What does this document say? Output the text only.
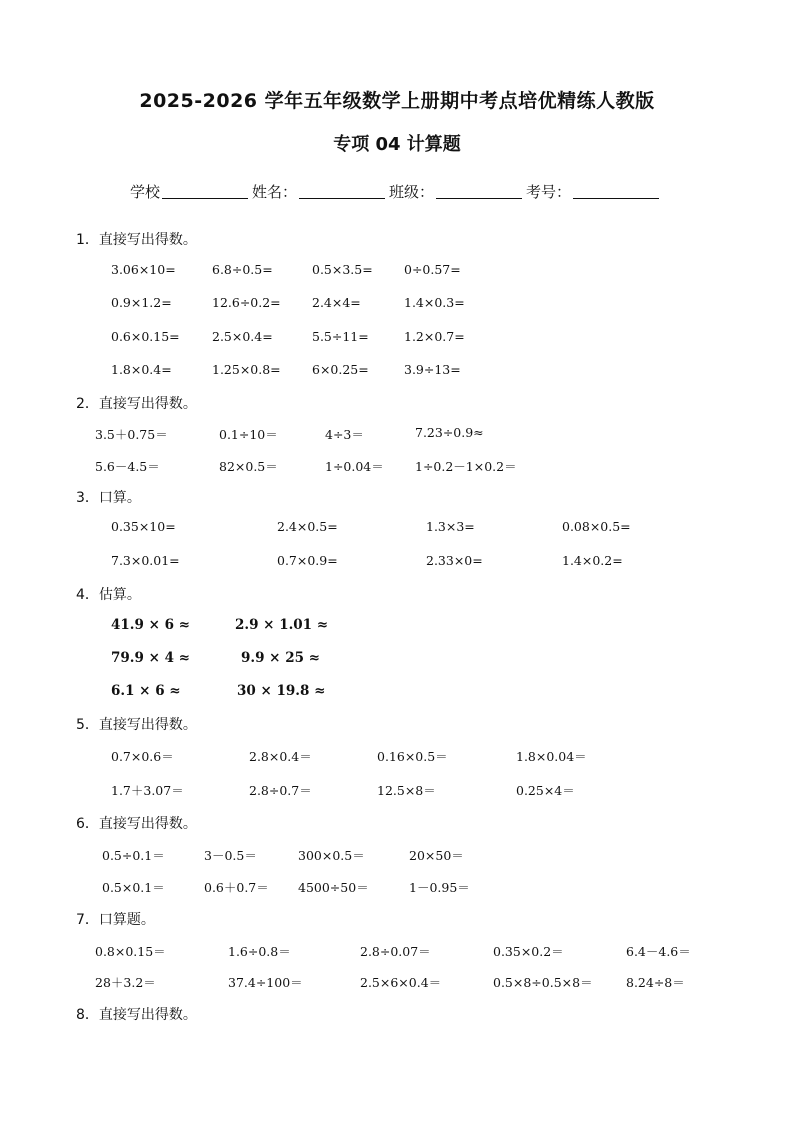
2025-2026 学年五年级数学上册期中考点培优精练人教版
专项 04 计算题
学校	姓名：	班级：	考号：
1．直接写出得数。
2．直接写出得数。
3．口算。
4．估算。
5．直接写出得数。
6．直接写出得数。
7．口算题。
8．直接写出得数。
3.06×10=	6.8÷0.5=	0.5×3.5=	0÷0.57=
0.9×1.2=	12.6÷0.2=	2.4×4=	1.4×0.3=
0.6×0.15=	2.5×0.4=	5.5÷11=	1.2×0.7=
1.8×0.4=	1.25×0.8=	6×0.25=	3.9÷13=
3.5＋0.75＝	0.1÷10＝	4÷3＝	7.23÷0.9≈
5.6－4.5＝	82×0.5＝	1÷0.04＝ 1÷0.2－1×0.2＝
0.35×10=	2.4×0.5=	1.3×3=	0.08×0.5=
7.3×0.01=	0.7×0.9=	2.33×0=	1.4×0.2=
41.9 × 6 ≈	2.9 × 1.01 ≈
79.9 × 4 ≈	9.9 × 25 ≈
6.1 × 6 ≈	30 × 19.8 ≈
0.7×0.6＝	2.8×0.4＝	0.16×0.5＝	1.8×0.04＝
1.7＋3.07＝	2.8÷0.7＝	12.5×8＝	0.25×4＝
0.5÷0.1＝	3－0.5＝	300×0.5＝	20×50＝
0.5×0.1＝	0.6＋0.7＝ 4500÷50＝	1－0.95＝
0.8×0.15＝	1.6÷0.8＝	2.8÷0.07＝	0.35×0.2＝	6.4－4.6＝
28＋3.2＝	37.4÷100＝	2.5×6×0.4＝	0.5×8÷0.5×8＝	8.24÷8＝
